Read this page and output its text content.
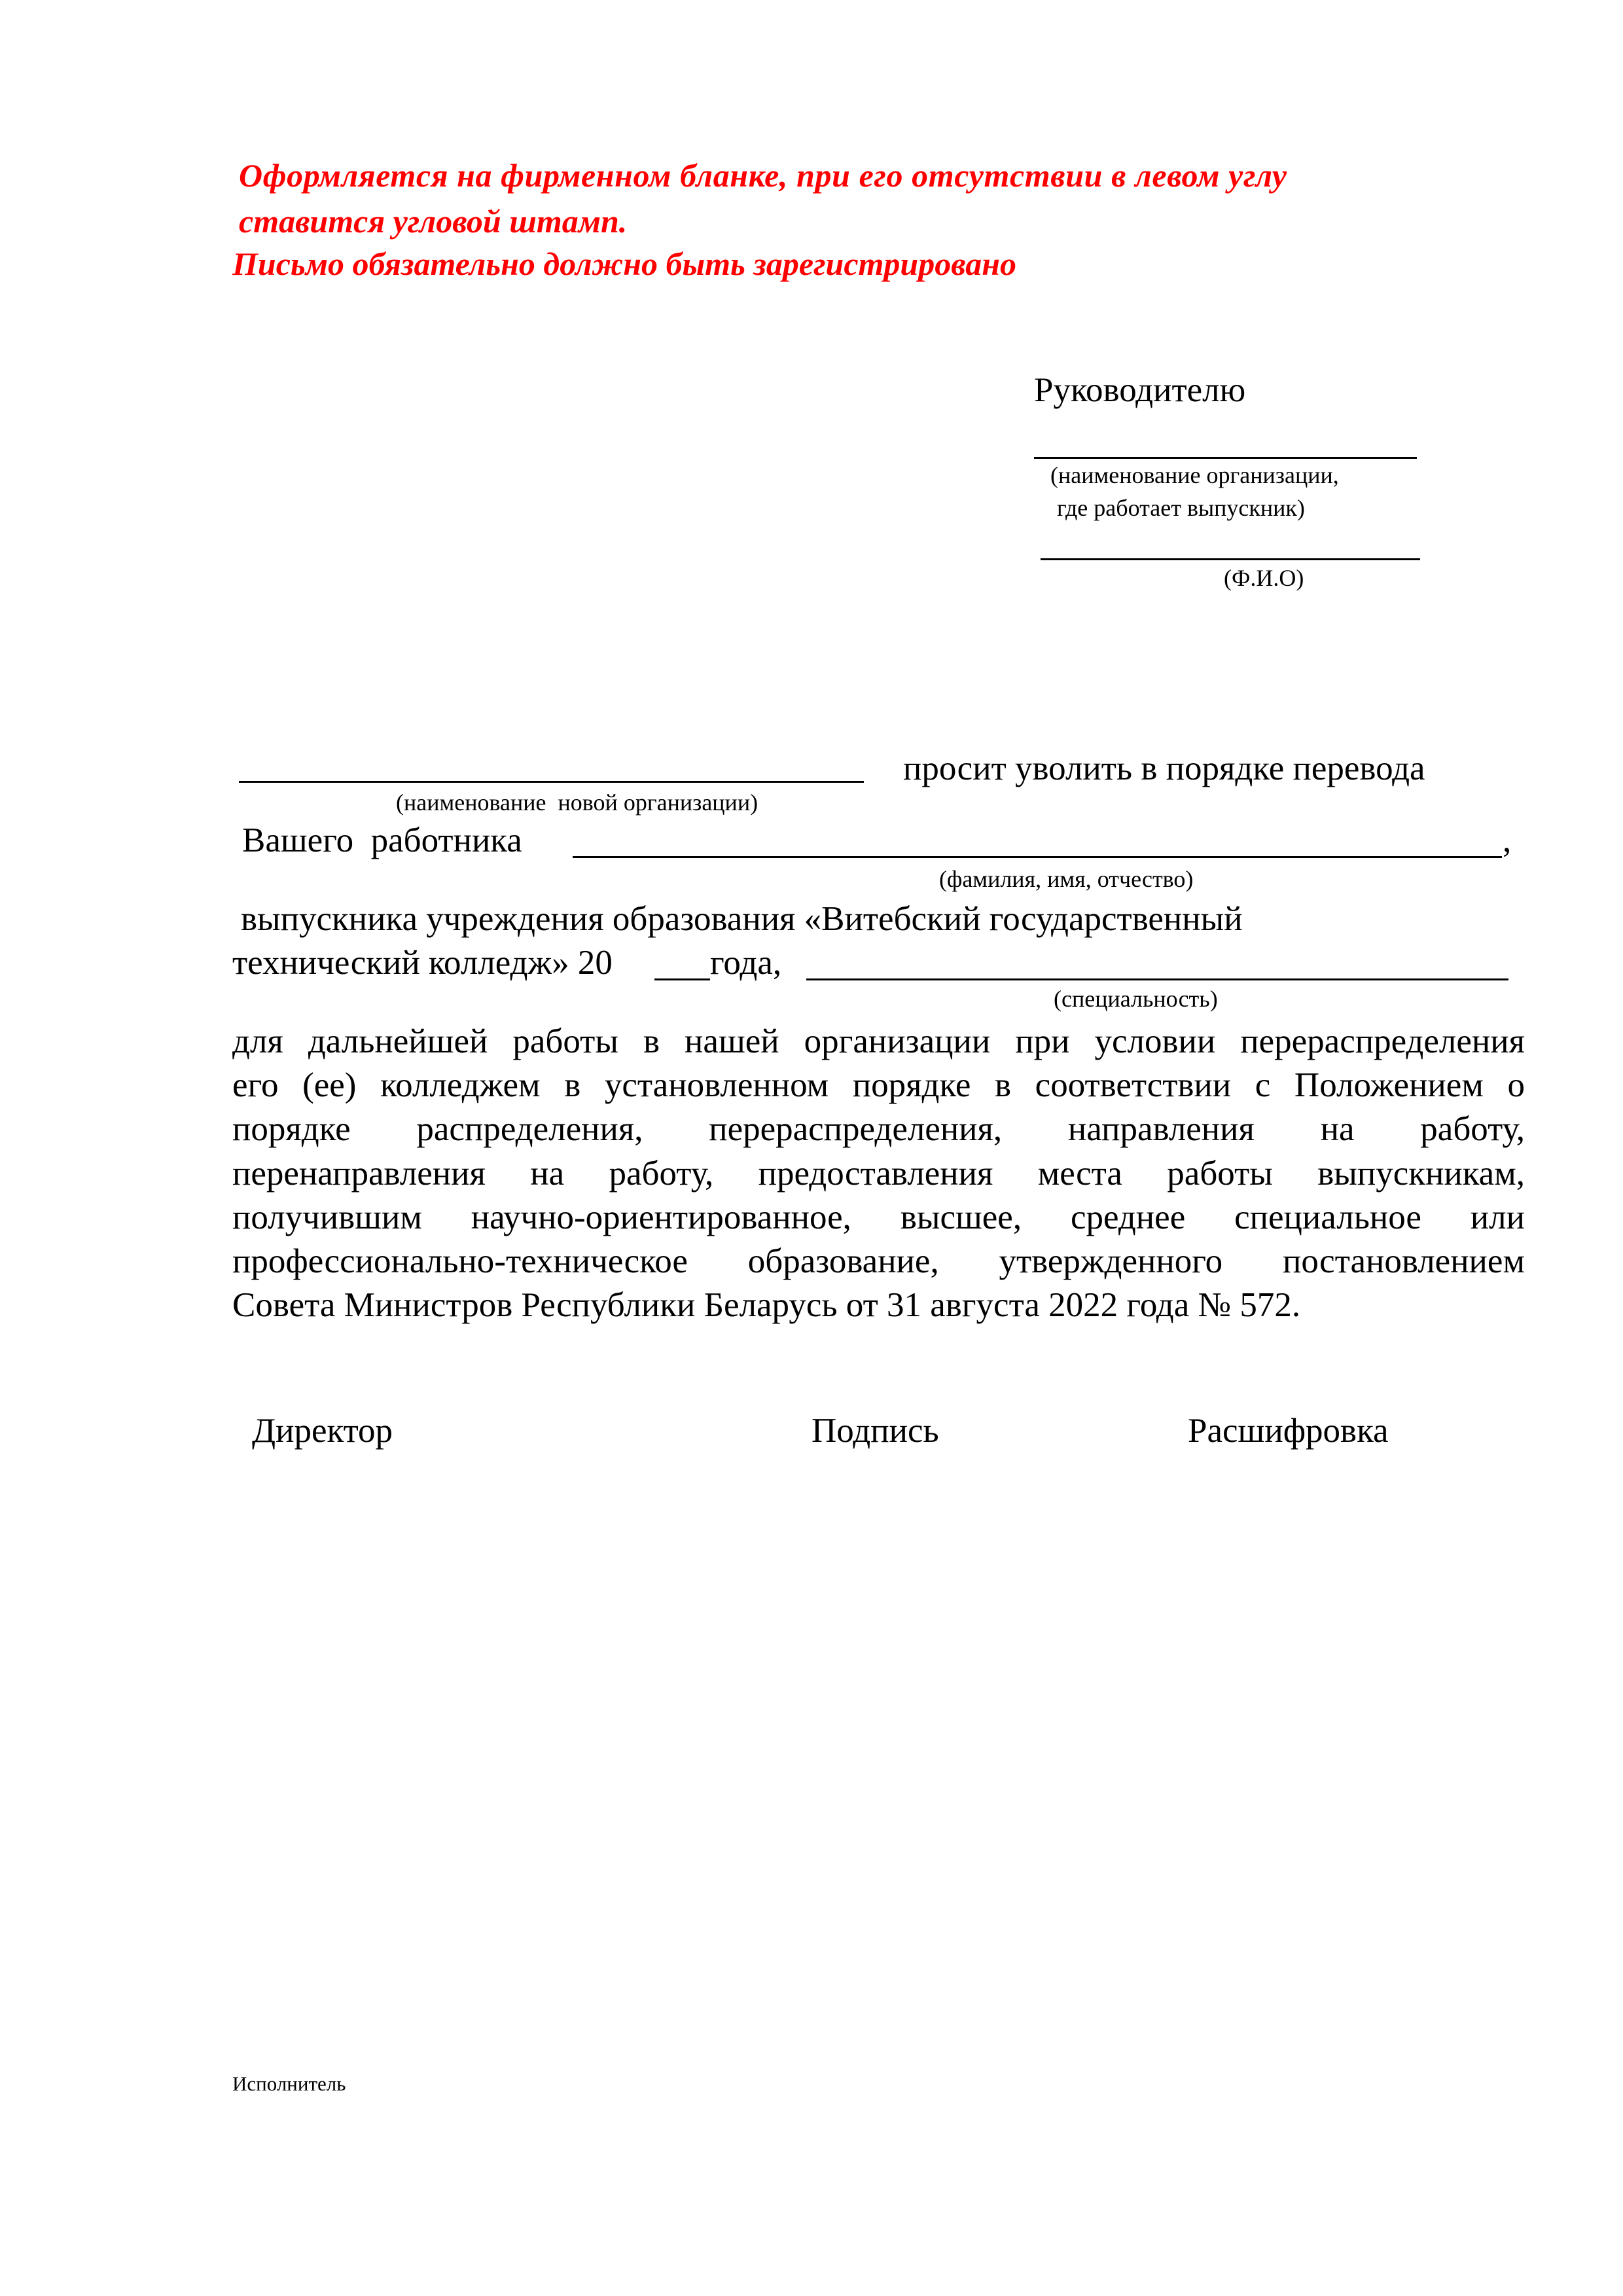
Оформляется на фирменном бланке, при его отсутствии в левом углу
ставится угловой штамп.
Письмо обязательно должно быть зарегистрировано
Руководителю
(наименование организации,
где работает выпускник)
(Ф.И.О)
просит уволить в порядке перевода
(наименование  новой организации)
Вашего  работника	,
(фамилия, имя, отчество)
выпускника учреждения образования «Витебский государственный
технический колледж» 20	года,
(специальность)
для дальнейшей работы в нашей организации при условии перераспределения
его (ее) колледжем в установленном порядке в соответствии с Положением о
порядке распределения, перераспределения, направления на работу,
перенаправления на работу, предоставления места работы выпускникам,
получившим научно-ориентированное, высшее, среднее специальное или
профессионально-техническое образование, утвержденного постановлением
Совета Министров Республики Беларусь от 31 августа 2022 года № 572.
Директор	Подпись	Расшифровка
Исполнитель
